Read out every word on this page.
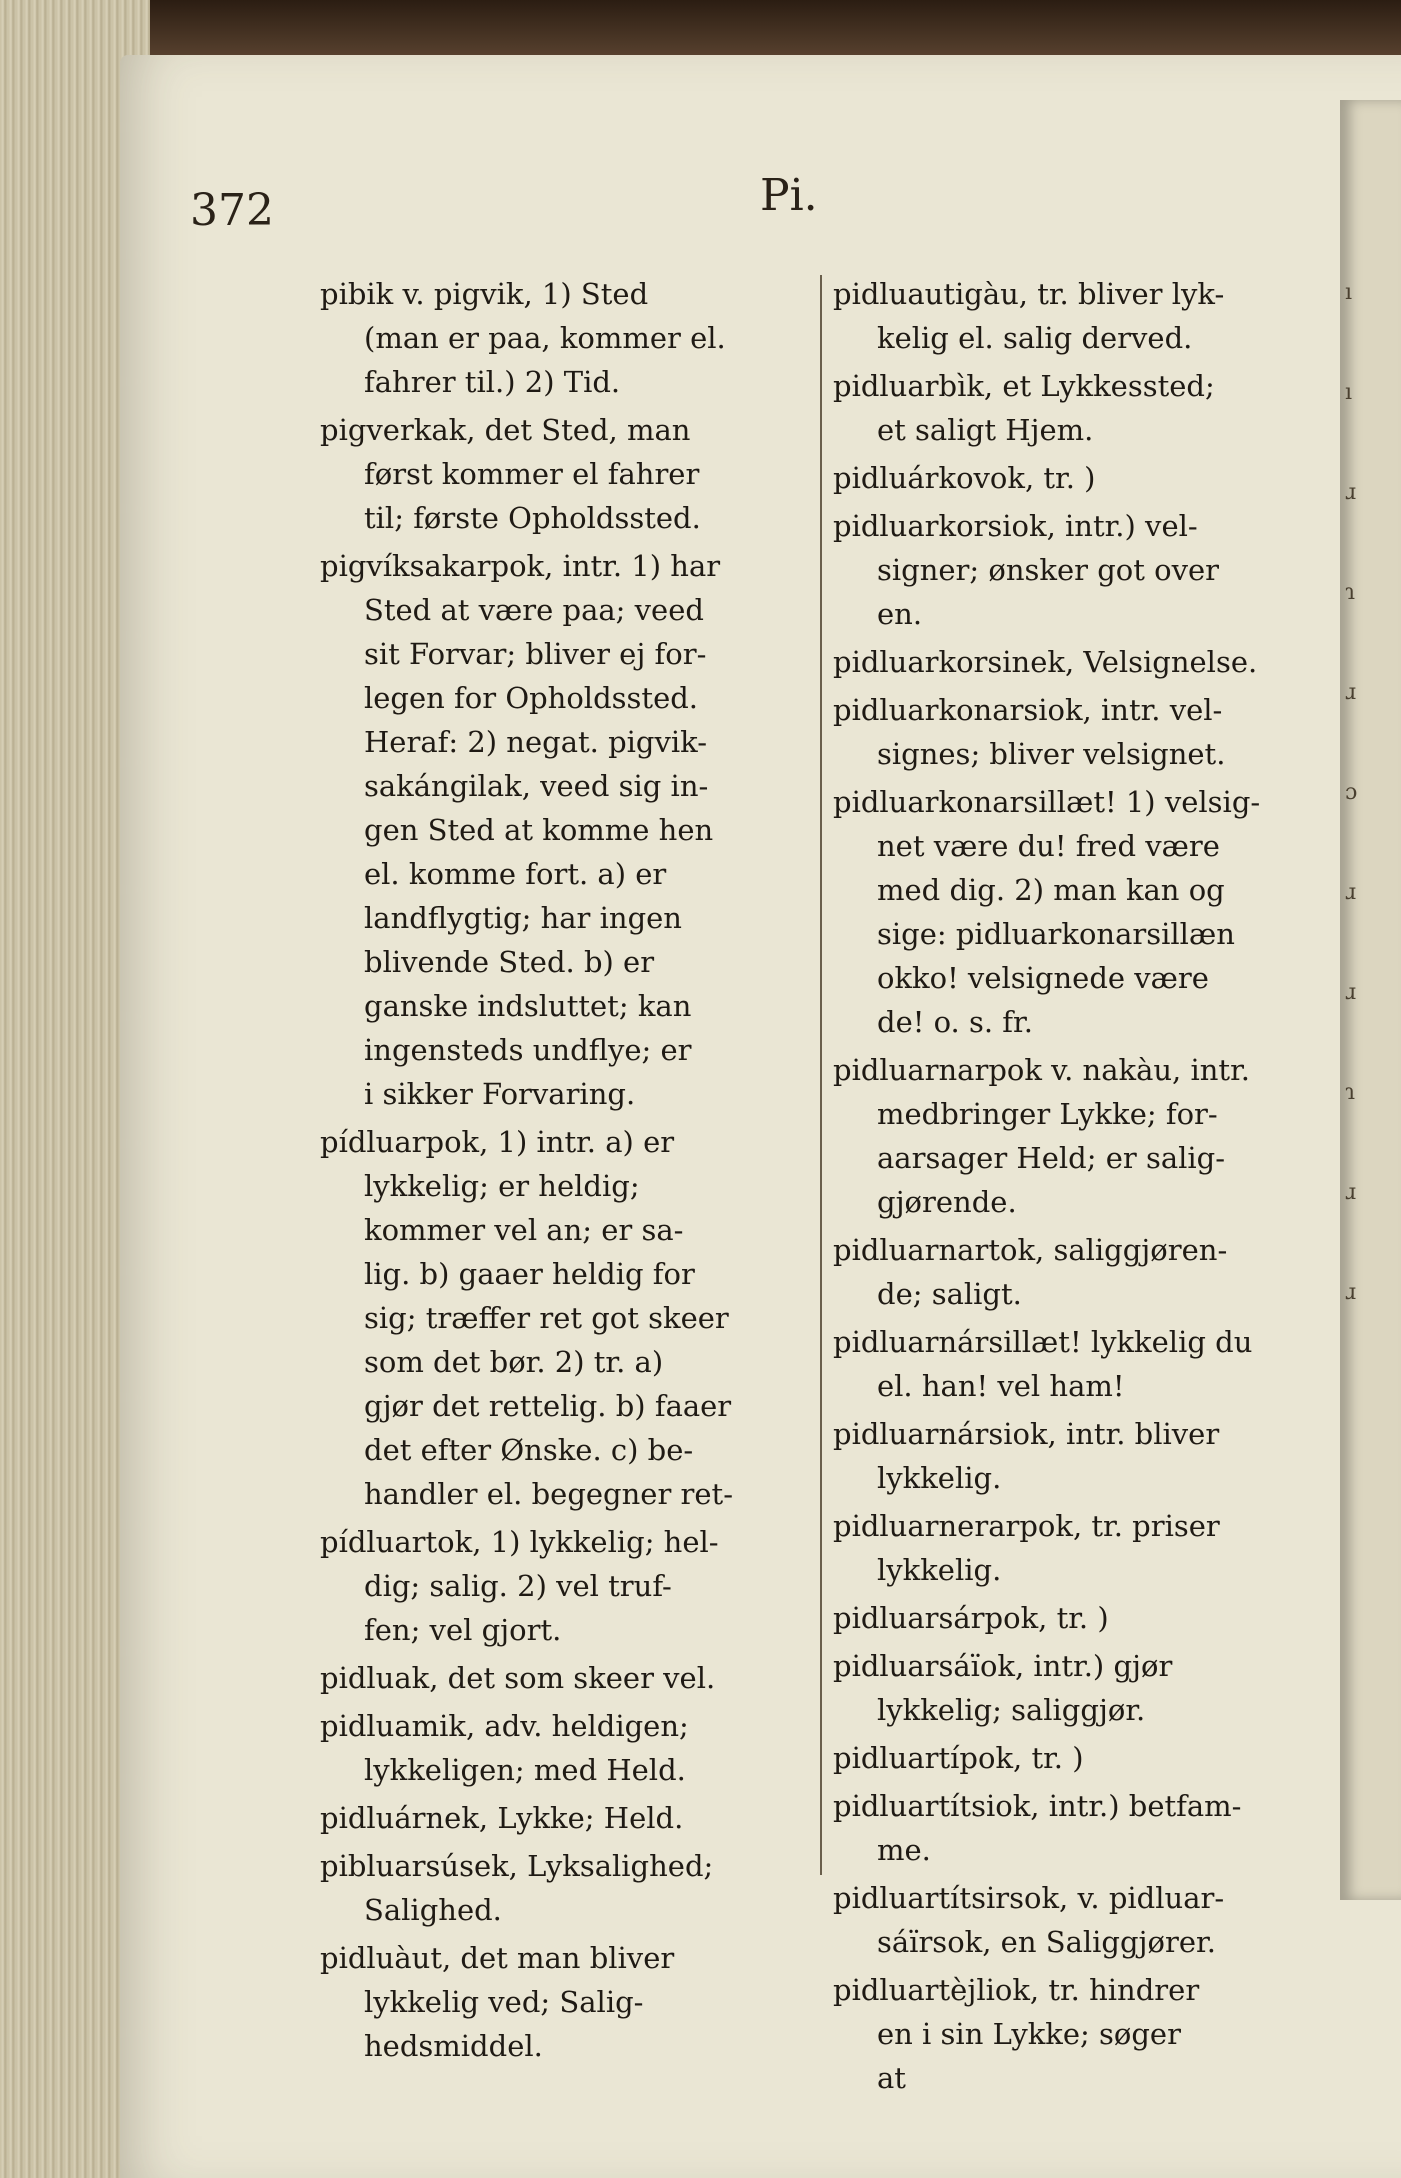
372	Pi.
pibik v. pigvik, 1) Sted
(man er paa, kommer el.
fahrer til.) 2) Tid.
pigverkak, det Sted, man
først kommer el fahrer
til; første Opholdssted.
pigvíksakarpok, intr. 1) har
Sted at være paa; veed
sit Forvar; bliver ej for-
legen for Opholdssted.
Heraf: 2) negat. pigvik-
sakángilak, veed sig in-
gen Sted at komme hen
el. komme fort. a) er
landflygtig; har ingen
blivende Sted. b) er
ganske indsluttet; kan
ingensteds undflye; er
i sikker Forvaring.
pídluarpok, 1) intr. a) er
lykkelig; er heldig;
kommer vel an; er sa-
lig. b) gaaer heldig for
sig; træffer ret got skeer
som det bør. 2) tr. a)
gjør det rettelig. b) faaer
det efter Ønske. c) be-
handler el. begegner ret-
pídluartok, 1) lykkelig; hel-
dig; salig. 2) vel truf-
fen; vel gjort.
pidluak, det som skeer vel.
pidluamik, adv. heldigen;
lykkeligen; med Held.
pidluárnek, Lykke; Held.
pibluarsúsek, Lyksalighed;
Salighed.
pidluàut, det man bliver
lykkelig ved; Salig-
hedsmiddel.
pidluautigàu, tr. bliver lyk-
kelig el. salig derved.
pidluarbìk, et Lykkessted;
et saligt Hjem.
pidluárkovok, tr. )
pidluarkorsiok, intr.) vel-
signer; ønsker got over
en.
pidluarkorsinek, Velsignelse.
pidluarkonarsiok, intr. vel-
signes; bliver velsignet.
pidluarkonarsillæt! 1) velsig-
net være du! fred være
med dig. 2) man kan og
sige: pidluarkonarsillæn
okko! velsignede være
de! o. s. fr.
pidluarnarpok v. nakàu, intr.
medbringer Lykke; for-
aarsager Held; er salig-
gjørende.
pidluarnartok, saliggjøren-
de; saligt.
pidluarnársillæt! lykkelig du
el. han! vel ham!
pidluarnársiok, intr. bliver
lykkelig.
pidluarnerarpok, tr. priser
lykkelig.
pidluarsárpok, tr. )
pidluarsáïok, intr.) gjør
lykkelig; saliggjør.
pidluartípok, tr. )
pidluartítsiok, intr.) betfam-
me.
pidluartítsirsok, v. pidluar-
sáïrsok, en Saliggjører.
pidluartèjliok, tr. hindrer
en i sin Lykke; søger
at
ı
ı
ɹ
ɿ
ɹ
ɔ
ɹ
ɹ
ɿ
ɹ
ɹ
